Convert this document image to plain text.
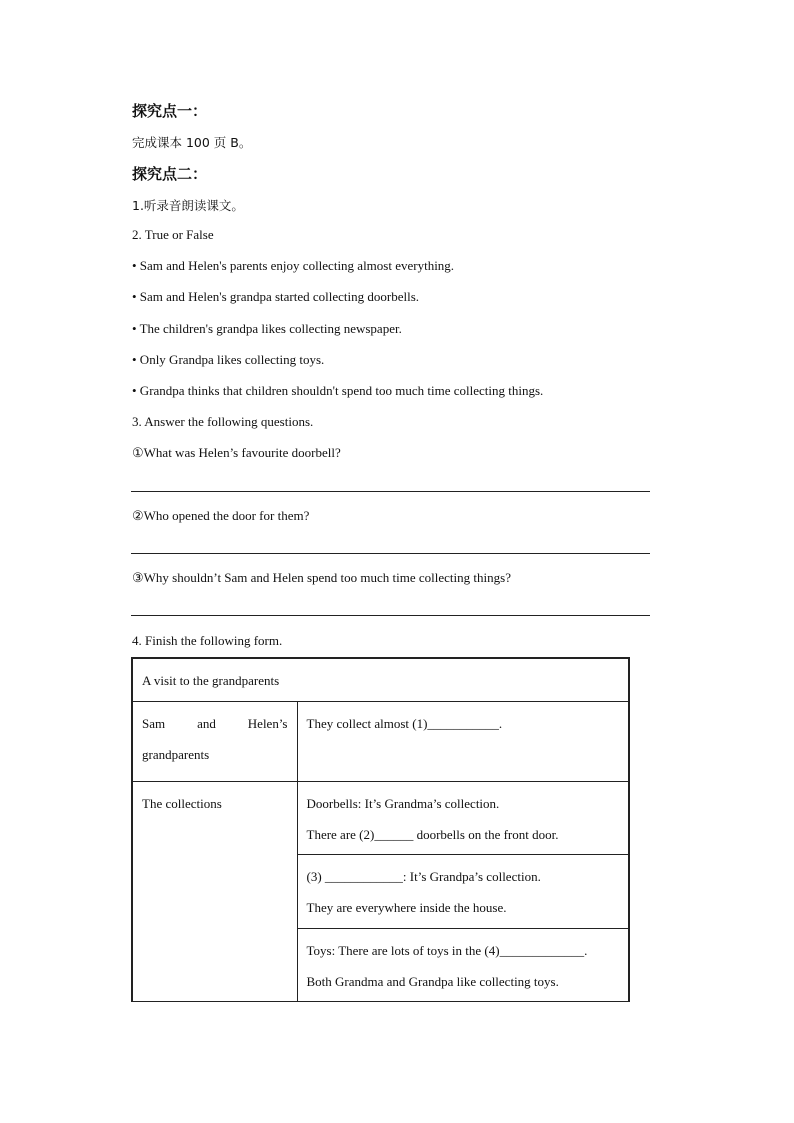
探究点一：
完成课本 100 页 B。
探究点二：
1.听录音朗读课文。
2. True or False
• Sam and Helen's parents enjoy collecting almost everything.
• Sam and Helen's grandpa started collecting doorbells.
• The children's grandpa likes collecting newspaper.
• Only Grandpa likes collecting toys.
• Grandpa thinks that children shouldn't spend too much time collecting things.
3. Answer the following questions.
①What was Helen’s favourite doorbell?
②Who opened the door for them?
③Why shouldn’t Sam and Helen spend too much time collecting things?
4. Finish the following form.
A visit to the grandparents	

Sam and Helen’s
grandparents	They collect almost (1)___________.
The collections	Doorbells: It’s Grandma’s collection.
There are (2)______ doorbells on the front door.

	(3) ____________: It’s Grandpa’s collection.
They are everywhere inside the house.

	Toys: There are lots of toys in the (4)_____________.
Both Grandma and Grandpa like collecting toys.
